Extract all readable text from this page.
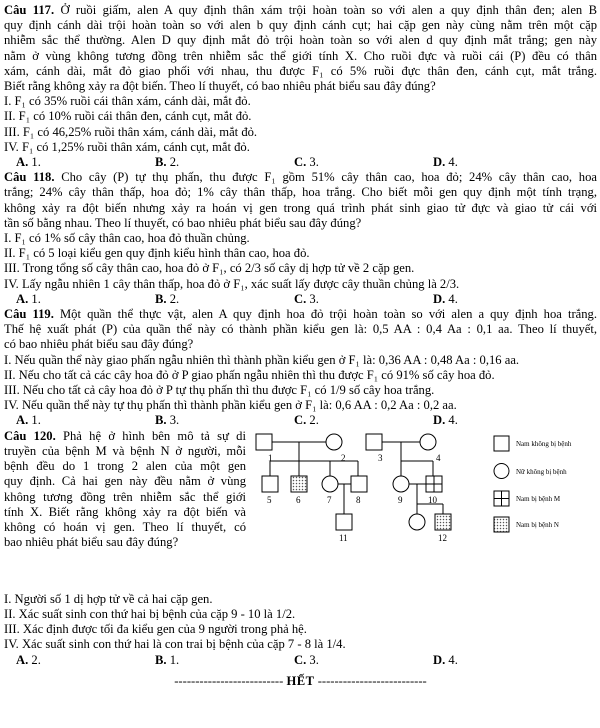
Câu 117. Ở ruồi giấm, alen A quy định thân xám trội hoàn toàn so với alen a quy định thân đen; alen B
quy định cánh dài trội hoàn toàn so với alen b quy định cánh cụt; hai cặp gen này cùng nằm trên một cặp
nhiễm sắc thể thường. Alen D quy định mắt đỏ trội hoàn toàn so với alen d quy định mắt trắng; gen này
nằm ở vùng không tương đồng trên nhiễm sắc thể giới tính X. Cho ruồi đực và ruồi cái (P) đều có thân
xám, cánh dài, mắt đỏ giao phối với nhau, thu được F₁ có 5% ruồi đực thân đen, cánh cụt, mắt trắng.
Biết rằng không xảy ra đột biến. Theo lí thuyết, có bao nhiêu phát biểu sau đây đúng?
I. F₁ có 35% ruồi cái thân xám, cánh dài, mắt đỏ.
II. F₁ có 10% ruồi cái thân đen, cánh cụt, mắt đỏ.
III. F₁ có 46,25% ruồi thân xám, cánh dài, mắt đỏ.
IV. F₁ có 1,25% ruồi thân xám, cánh cụt, mắt đỏ.
A. 1.	B. 2.	C. 3.	D. 4.
Câu 118. Cho cây (P) tự thụ phấn, thu được F₁ gồm 51% cây thân cao, hoa đỏ; 24% cây thân cao, hoa
trắng; 24% cây thân thấp, hoa đỏ; 1% cây thân thấp, hoa trắng. Cho biết mỗi gen quy định một tính trạng,
không xảy ra đột biến nhưng xảy ra hoán vị gen trong quá trình phát sinh giao tử đực và giao tử cái với
tần số bằng nhau. Theo lí thuyết, có bao nhiêu phát biểu sau đây đúng?
I. F₁ có 1% số cây thân cao, hoa đỏ thuần chủng.
II. F₁ có 5 loại kiểu gen quy định kiểu hình thân cao, hoa đỏ.
III. Trong tổng số cây thân cao, hoa đỏ ở F₁, có 2/3 số cây dị hợp tử về 2 cặp gen.
IV. Lấy ngẫu nhiên 1 cây thân thấp, hoa đỏ ở F₁, xác suất lấy được cây thuần chủng là 2/3.
A. 1.	B. 2.	C. 3.	D. 4.
Câu 119. Một quần thể thực vật, alen A quy định hoa đỏ trội hoàn toàn so với alen a quy định hoa trắng.
Thế hệ xuất phát (P) của quần thể này có thành phần kiểu gen là: 0,5 AA : 0,4 Aa : 0,1 aa. Theo lí thuyết,
có bao nhiêu phát biểu sau đây đúng?
I. Nếu quần thể này giao phấn ngẫu nhiên thì thành phần kiểu gen ở F₁ là: 0,36 AA : 0,48 Aa : 0,16 aa.
II. Nếu cho tất cả các cây hoa đỏ ở P giao phấn ngẫu nhiên thì thu được F₁ có 91% số cây hoa đỏ.
III. Nếu cho tất cả cây hoa đỏ ở P tự thụ phấn thì thu được F₁ có 1/9 số cây hoa trắng.
IV. Nếu quần thể này tự thụ phấn thì thành phần kiểu gen ở F₁ là: 0,6 AA : 0,2 Aa : 0,2 aa.
A. 1.	B. 3.	C. 2.	D. 4.
Câu 120. Phả hệ ở hình bên mô tả sự di
truyền của bệnh M và bệnh N ở người, mỗi
bệnh đều do 1 trong 2 alen của một gen
quy định. Cả hai gen này đều nằm ở vùng
không tương đồng trên nhiễm sắc thể giới
tính X. Biết rằng không xảy ra đột biến và
không có hoán vị gen. Theo lí thuyết, có
bao nhiêu phát biểu sau đây đúng?
1	2	3	4
5	6	7	8	9	10
11	12
Nam không bị bệnh
Nữ không bị bệnh
Nam bị bệnh M
Nam bị bệnh N
I. Người số 1 dị hợp tử về cả hai cặp gen.
II. Xác suất sinh con thứ hai bị bệnh của cặp 9 - 10 là 1/2.
III. Xác định được tối đa kiểu gen của 9 người trong phả hệ.
IV. Xác suất sinh con thứ hai là con trai bị bệnh của cặp 7 - 8 là 1/4.
A. 2.	B. 1.	C. 3.	D. 4.
-------------------------- HẾT --------------------------
